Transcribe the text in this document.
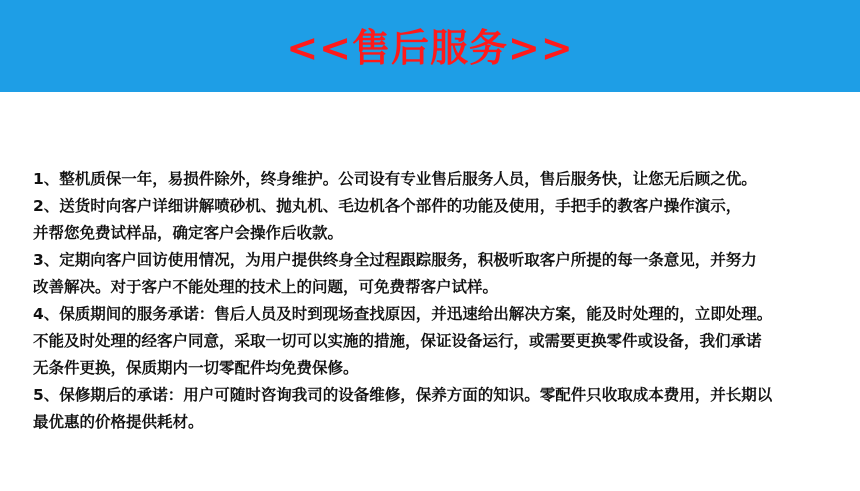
<<售后服务>>
1、整机质保一年，易损件除外，终身维护。公司设有专业售后服务人员，售后服务快，让您无后顾之优。
2、送货时向客户详细讲解喷砂机、抛丸机、毛边机各个部件的功能及使用，手把手的教客户操作演示，
并帮您免费试样品，确定客户会操作后收款。
3、定期向客户回访使用情况，为用户提供终身全过程跟踪服务，积极听取客户所提的每一条意见，并努力
改善解决。对于客户不能处理的技术上的问题，可免费帮客户试样。
4、保质期间的服务承诺：售后人员及时到现场查找原因，并迅速给出解决方案，能及时处理的，立即处理。
不能及时处理的经客户同意，采取一切可以实施的措施，保证设备运行，或需要更换零件或设备，我们承诺
无条件更换，保质期内一切零配件均免费保修。
5、保修期后的承诺：用户可随时咨询我司的设备维修，保养方面的知识。零配件只收取成本费用，并长期以
最优惠的价格提供耗材。
